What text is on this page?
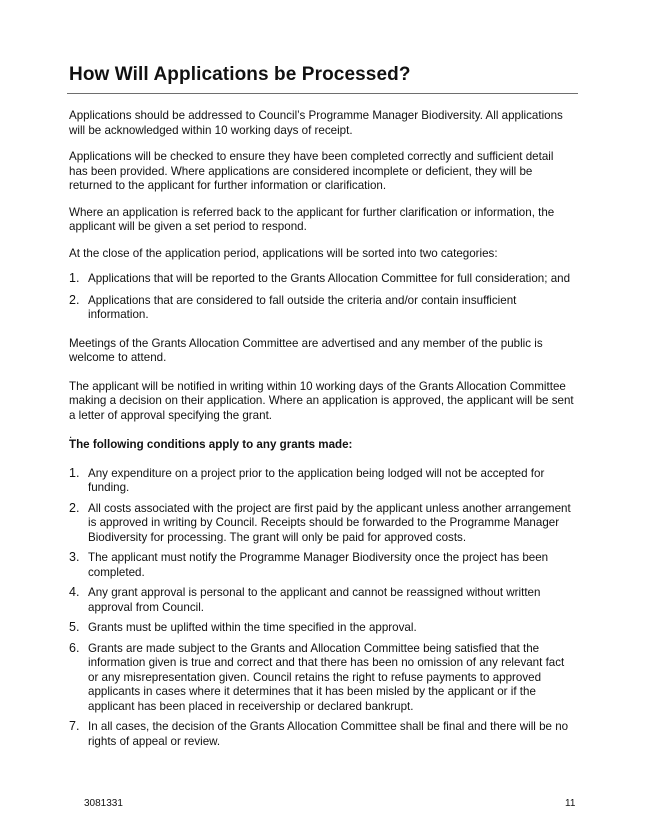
How Will Applications be Processed?

Applications should be addressed to Council’s Programme Manager Biodiversity. All applications will be acknowledged within 10 working days of receipt.

Applications will be checked to ensure they have been completed correctly and sufficient detail has been provided. Where applications are considered incomplete or deficient, they will be returned to the applicant for further information or clarification.

Where an application is referred back to the applicant for further clarification or information, the applicant will be given a set period to respond.

At the close of the application period, applications will be sorted into two categories:

1. Applications that will be reported to the Grants Allocation Committee for full consideration; and
2. Applications that are considered to fall outside the criteria and/or contain insufficient information.

Meetings of the Grants Allocation Committee are advertised and any member of the public is welcome to attend.

The applicant will be notified in writing within 10 working days of the Grants Allocation Committee making a decision on their application. Where an application is approved, the applicant will be sent a letter of approval specifying the grant.

.

The following conditions apply to any grants made:

1. Any expenditure on a project prior to the application being lodged will not be accepted for funding.
2. All costs associated with the project are first paid by the applicant unless another arrangement is approved in writing by Council. Receipts should be forwarded to the Programme Manager Biodiversity for processing. The grant will only be paid for approved costs.
3. The applicant must notify the Programme Manager Biodiversity once the project has been completed.
4. Any grant approval is personal to the applicant and cannot be reassigned without written approval from Council.
5. Grants must be uplifted within the time specified in the approval.
6. Grants are made subject to the Grants and Allocation Committee being satisfied that the information given is true and correct and that there has been no omission of any relevant fact or any misrepresentation given. Council retains the right to refuse payments to approved applicants in cases where it determines that it has been misled by the applicant or if the applicant has been placed in receivership or declared bankrupt.
7. In all cases, the decision of the Grants Allocation Committee shall be final and there will be no rights of appeal or review.
3081331	11
